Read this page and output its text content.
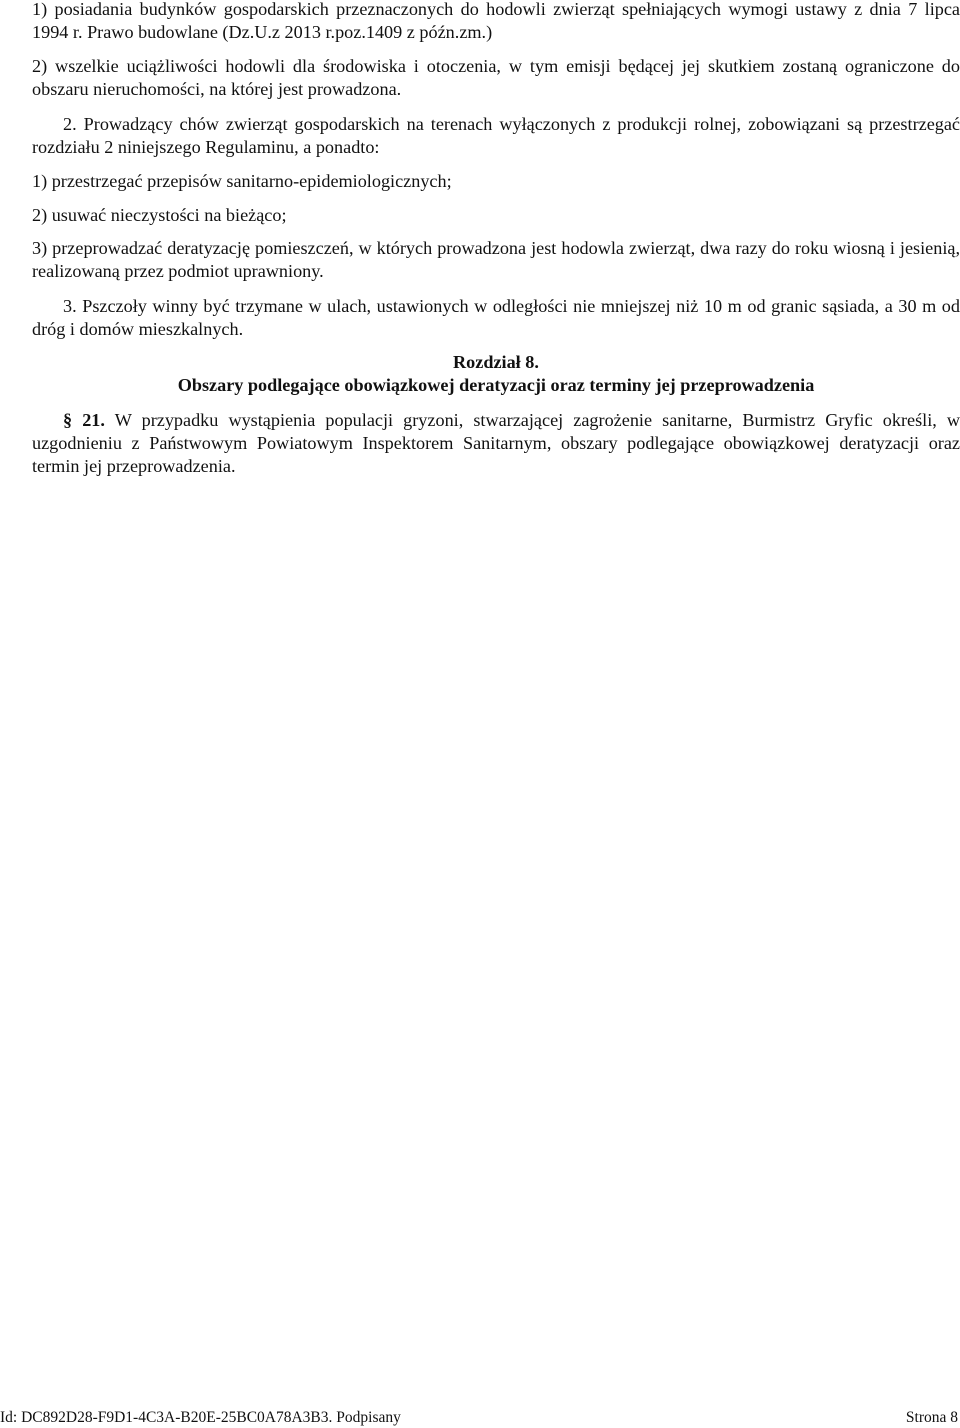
1) posiadania budynków gospodarskich przeznaczonych do hodowli zwierząt spełniających wymogi ustawy z dnia 7 lipca 1994 r. Prawo budowlane (Dz.U.z 2013 r.poz.1409 z późn.zm.)

2) wszelkie uciążliwości hodowli dla środowiska i otoczenia, w tym emisji będącej jej skutkiem zostaną ograniczone do obszaru nieruchomości, na której jest prowadzona.

2. Prowadzący chów zwierząt gospodarskich na terenach wyłączonych z produkcji rolnej, zobowiązani są przestrzegać rozdziału 2 niniejszego Regulaminu, a ponadto:

1) przestrzegać przepisów sanitarno-epidemiologicznych;

2) usuwać nieczystości na bieżąco;

3) przeprowadzać deratyzację pomieszczeń, w których prowadzona jest hodowla zwierząt, dwa razy do roku wiosną i jesienią, realizowaną przez podmiot uprawniony.

3. Pszczoły winny być trzymane w ulach, ustawionych w odległości nie mniejszej niż 10 m od granic sąsiada, a 30 m od dróg i domów mieszkalnych.

Rozdział 8.
Obszary podlegające obowiązkowej deratyzacji oraz terminy jej przeprowadzenia

§ 21. W przypadku wystąpienia populacji gryzoni, stwarzającej zagrożenie sanitarne, Burmistrz Gryfic określi, w uzgodnieniu z Państwowym Powiatowym Inspektorem Sanitarnym, obszary podlegające obowiązkowej deratyzacji oraz termin jej przeprowadzenia.

Id: DC892D28-F9D1-4C3A-B20E-25BC0A78A3B3. Podpisany	Strona 8
